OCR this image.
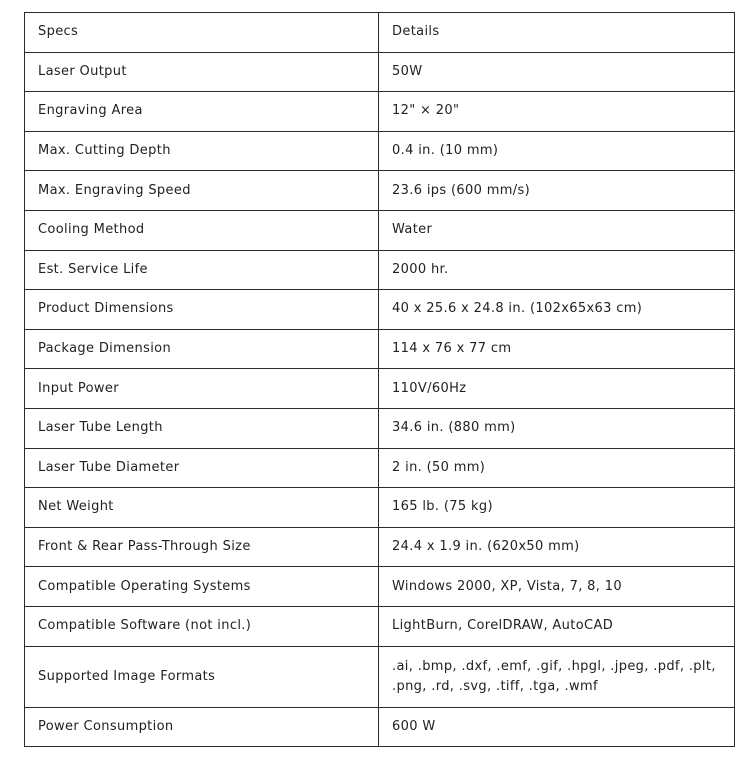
Specs	Details
Laser Output	50W
Engraving Area	12" × 20"
Max. Cutting Depth	0.4 in. (10 mm)
Max. Engraving Speed	23.6 ips (600 mm/s)
Cooling Method	Water
Est. Service Life	2000 hr.
Product Dimensions	40 x 25.6 x 24.8 in. (102x65x63 cm)
Package Dimension	114 x 76 x 77 cm
Input Power	110V/60Hz
Laser Tube Length	34.6 in. (880 mm)
Laser Tube Diameter	2 in. (50 mm)
Net Weight	165 lb. (75 kg)
Front & Rear Pass-Through Size	24.4 x 1.9 in. (620x50 mm)
Compatible Operating Systems	Windows 2000, XP, Vista, 7, 8, 10
Compatible Software (not incl.)	LightBurn, CorelDRAW, AutoCAD
Supported Image Formats	.ai, .bmp, .dxf, .emf, .gif, .hpgl, .jpeg, .pdf, .plt, .png, .rd, .svg, .tiff, .tga, .wmf
Power Consumption	600 W
